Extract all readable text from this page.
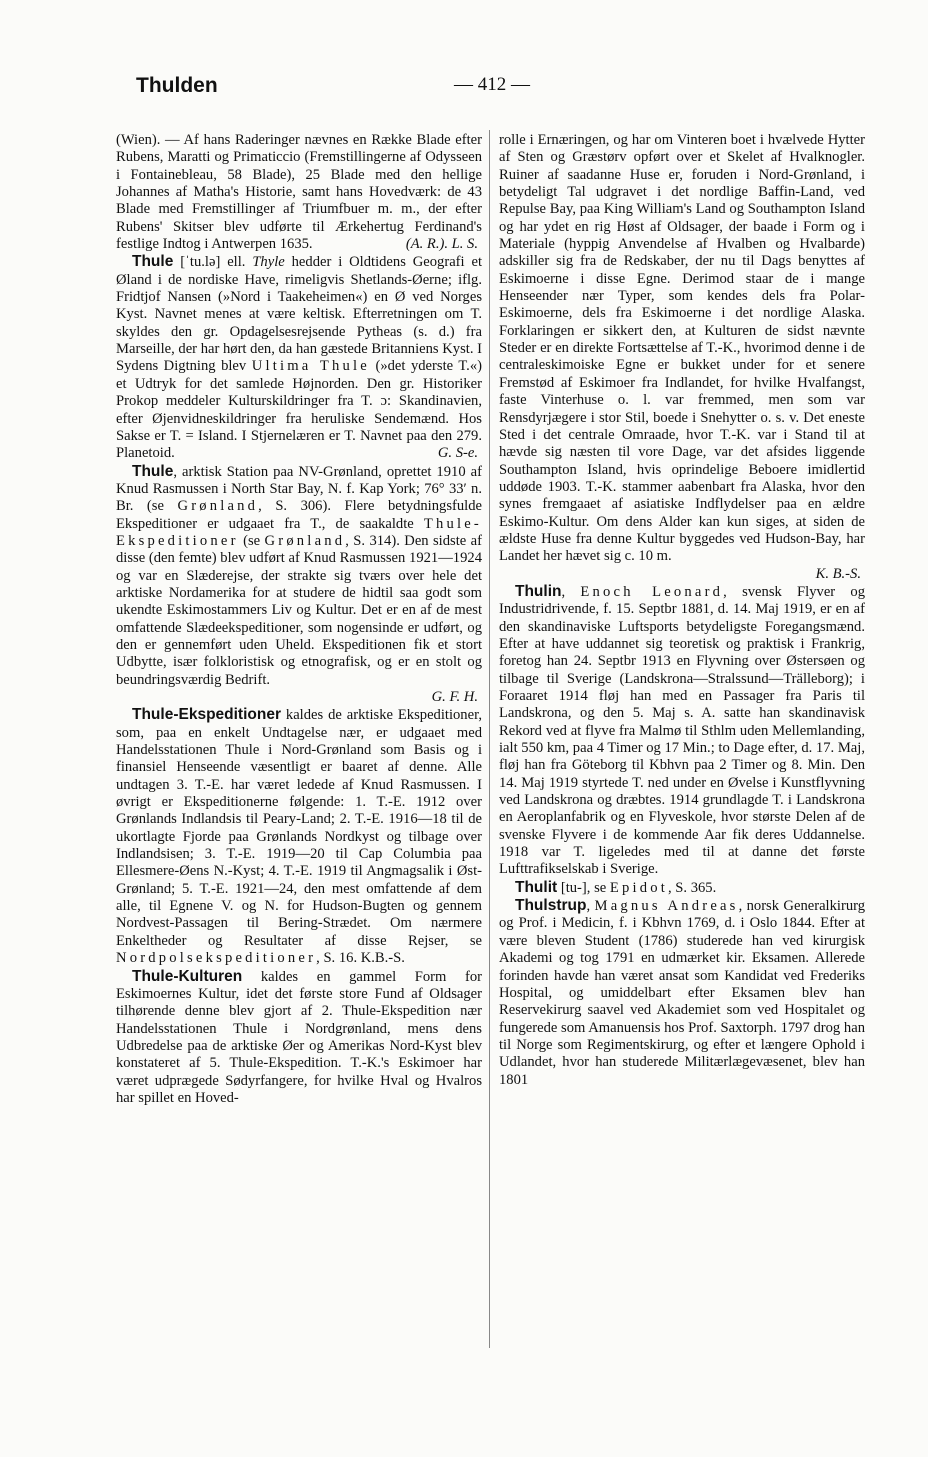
Thulden	— 412 —

(Wien). — Af hans Raderinger nævnes en Række Blade efter Rubens, Maratti og Primaticcio (Fremstillingerne af Odysseen i Fontainebleau, 58 Blade), 25 Blade med den hellige Johannes af Matha's Historie, samt hans Hovedværk: de 43 Blade med Fremstillinger af Triumfbuer m. m., der efter Rubens' Skitser blev udførte til Ærkehertug Ferdinand's festlige Indtog i Antwerpen 1635.	(A. R.). L. S.

Thule [ˈtu.lə] ell. Thyle hedder i Oldtidens Geografi et Øland i de nordiske Have, rimeligvis Shetlands-Øerne; iflg. Fridtjof Nansen (»Nord i Taakeheimen«) en Ø ved Norges Kyst. Navnet menes at være keltisk. Efterretningen om T. skyldes den gr. Opdagelsesrejsende Pytheas (s. d.) fra Marseille, der har hørt den, da han gæstede Britanniens Kyst. I Sydens Digtning blev Ultima Thule (»det yderste T.«) et Udtryk for det samlede Højnorden. Den gr. Historiker Prokop meddeler Kulturskildringer fra T. ɔ: Skandinavien, efter Øjenvidneskildringer fra heruliske Sendemænd. Hos Sakse er T. = Island. I Stjernelæren er T. Navnet paa den 279. Planetoid.	G. S-e.

Thule, arktisk Station paa NV-Grønland, oprettet 1910 af Knud Rasmussen i North Star Bay, N. f. Kap York; 76° 33′ n. Br. (se Grønland, S. 306). Flere betydningsfulde Ekspeditioner er udgaaet fra T., de saakaldte Thule-Ekspeditioner (se Grønland, S. 314). Den sidste af disse (den femte) blev udført af Knud Rasmussen 1921—1924 og var en Slæderejse, der strakte sig tværs over hele det arktiske Nordamerika for at studere de hidtil saa godt som ukendte Eskimostammers Liv og Kultur. Det er en af de mest omfattende Slædeekspeditioner, som nogensinde er udført, og den er gennemført uden Uheld. Ekspeditionen fik et stort Udbytte, især folkloristisk og etnografisk, og er en stolt og beundringsværdig Bedrift.
G. F. H.

Thule-Ekspeditioner kaldes de arktiske Ekspeditioner, som, paa en enkelt Undtagelse nær, er udgaaet med Handelsstationen Thule i Nord-Grønland som Basis og i finansiel Henseende væsentligt er baaret af denne. Alle undtagen 3. T.-E. har været ledede af Knud Rasmussen. I øvrigt er Ekspeditionerne følgende: 1. T.-E. 1912 over Grønlands Indlandsis til Peary-Land; 2. T.-E. 1916—18 til de ukortlagte Fjorde paa Grønlands Nordkyst og tilbage over Indlandsisen; 3. T.-E. 1919—20 til Cap Columbia paa Ellesmere-Øens N.-Kyst; 4. T.-E. 1919 til Angmagsalik i Øst-Grønland; 5. T.-E. 1921—24, den mest omfattende af dem alle, til Egnene V. og N. for Hudson-Bugten og gennem Nordvest-Passagen til Bering-Strædet. Om nærmere Enkeltheder og Resultater af disse Rejser, se Nordpolsekspeditioner, S. 16. K.B.-S.

Thule-Kulturen kaldes en gammel Form for Eskimoernes Kultur, idet det første store Fund af Oldsager tilhørende denne blev gjort af 2. Thule-Ekspedition nær Handelsstationen Thule i Nordgrønland, mens dens Udbredelse paa de arktiske Øer og Amerikas Nord-Kyst blev konstateret af 5. Thule-Ekspedition. T.-K.'s Eskimoer har været udprægede Sødyrfangere, for hvilke Hval og Hvalros har spillet en Hoved-

rolle i Ernæringen, og har om Vinteren boet i hvælvede Hytter af Sten og Græstørv opført over et Skelet af Hvalknogler. Ruiner af saadanne Huse er, foruden i Nord-Grønland, i betydeligt Tal udgravet i det nordlige Baffin-Land, ved Repulse Bay, paa King William's Land og Southampton Island og har ydet en rig Høst af Oldsager, der baade i Form og i Materiale (hyppig Anvendelse af Hvalben og Hvalbarde) adskiller sig fra de Redskaber, der nu til Dags benyttes af Eskimoerne i disse Egne. Derimod staar de i mange Henseender nær Typer, som kendes dels fra Polar-Eskimoerne, dels fra Eskimoerne i det nordlige Alaska. Forklaringen er sikkert den, at Kulturen de sidst nævnte Steder er en direkte Fortsættelse af T.-K., hvorimod denne i de centraleskimoiske Egne er bukket under for et senere Fremstød af Eskimoer fra Indlandet, for hvilke Hvalfangst, faste Vinterhuse o. l. var fremmed, men som var Rensdyrjægere i stor Stil, boede i Snehytter o. s. v. Det eneste Sted i det centrale Omraade, hvor T.-K. var i Stand til at hævde sig næsten til vore Dage, var det afsides liggende Southampton Island, hvis oprindelige Beboere imidlertid uddøde 1903. T.-K. stammer aabenbart fra Alaska, hvor den synes fremgaaet af asiatiske Indflydelser paa en ældre Eskimo-Kultur. Om dens Alder kan kun siges, at siden de ældste Huse fra denne Kultur byggedes ved Hudson-Bay, har Landet her hævet sig c. 10 m.
K. B.-S.

Thulin, Enoch Leonard, svensk Flyver og Industridrivende, f. 15. Septbr 1881, d. 14. Maj 1919, er en af den skandinaviske Luftsports betydeligste Foregangsmænd. Efter at have uddannet sig teoretisk og praktisk i Frankrig, foretog han 24. Septbr 1913 en Flyvning over Østersøen og tilbage til Sverige (Landskrona—Stralssund—Trälleborg); i Foraaret 1914 fløj han med en Passager fra Paris til Landskrona, og den 5. Maj s. A. satte han skandinavisk Rekord ved at flyve fra Malmø til Sthlm uden Mellemlanding, ialt 550 km, paa 4 Timer og 17 Min.; to Dage efter, d. 17. Maj, fløj han fra Göteborg til Kbhvn paa 2 Timer og 8. Min. Den 14. Maj 1919 styrtede T. ned under en Øvelse i Kunstflyvning ved Landskrona og dræbtes. 1914 grundlagde T. i Landskrona en Aeroplanfabrik og en Flyveskole, hvor største Delen af de svenske Flyvere i de kommende Aar fik deres Uddannelse. 1918 var T. ligeledes med til at danne det første Lufttrafikselskab i Sverige.

Thulit [tu-], se Epidot, S. 365.

Thulstrup, Magnus Andreas, norsk Generalkirurg og Prof. i Medicin, f. i Kbhvn 1769, d. i Oslo 1844. Efter at være bleven Student (1786) studerede han ved kirurgisk Akademi og tog 1791 en udmærket kir. Eksamen. Allerede forinden havde han været ansat som Kandidat ved Frederiks Hospital, og umiddelbart efter Eksamen blev han Reservekirurg saavel ved Akademiet som ved Hospitalet og fungerede som Amanuensis hos Prof. Saxtorph. 1797 drog han til Norge som Regimentskirurg, og efter et længere Ophold i Udlandet, hvor han studerede Militærlægevæsenet, blev han 1801
